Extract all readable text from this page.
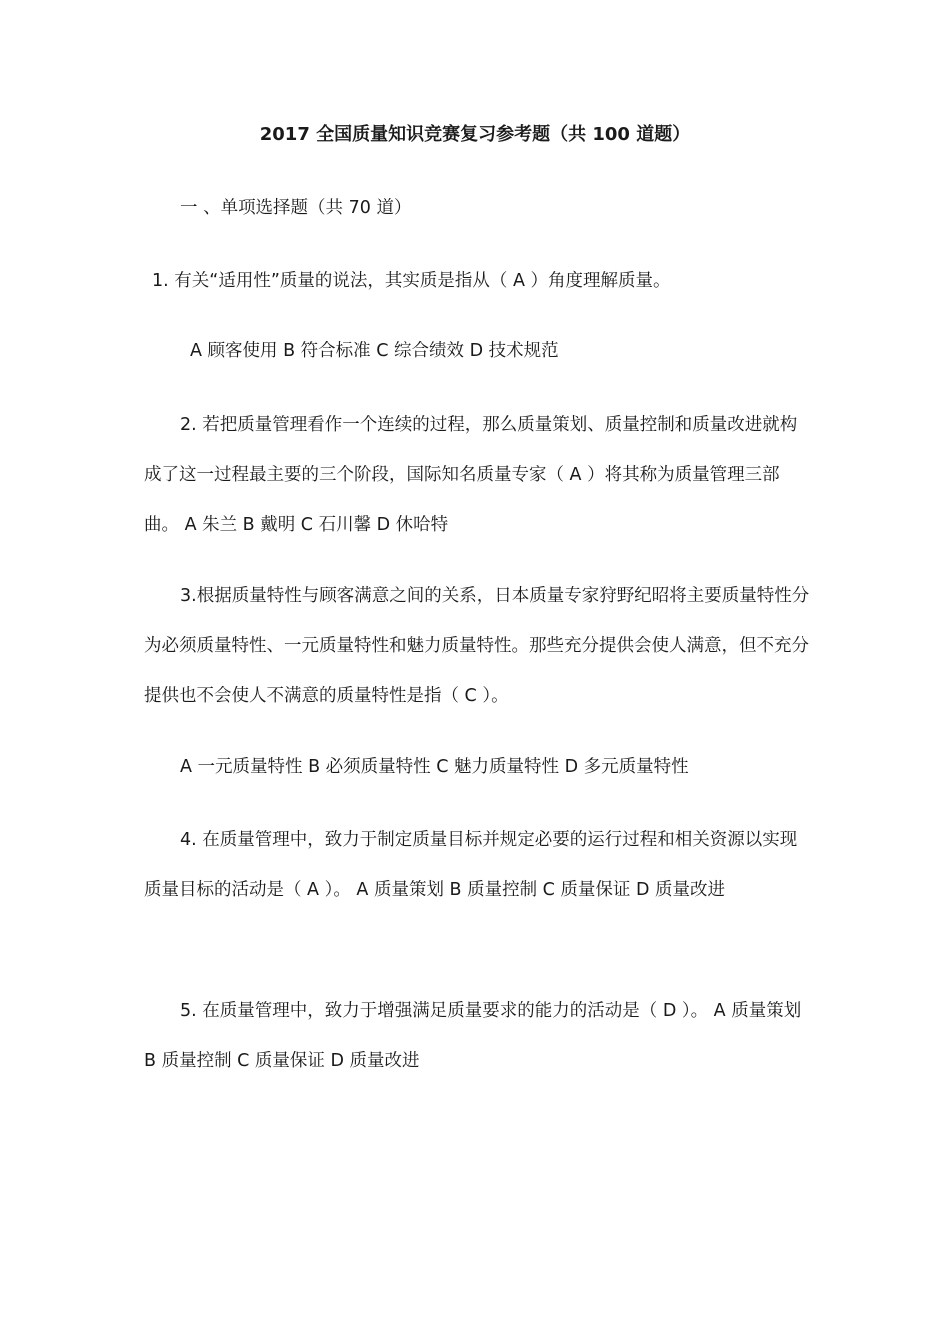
2017 全国质量知识竞赛复习参考题（共 100 道题）
一 、单项选择题（共 70 道）
1. 有关“适用性”质量的说法，其实质是指从（ A ）角度理解质量。
A 顾客使用 B 符合标准 C 综合绩效 D 技术规范

2. 若把质量管理看作一个连续的过程，那么质量策划、质量控制和质量改进就构成了这一过程最主要的三个阶段，国际知名质量专家（ A ）将其称为质量管理三部曲。 A 朱兰 B 戴明 C 石川馨 D 休哈特

3.根据质量特性与顾客满意之间的关系，日本质量专家狩野纪昭将主要质量特性分为必须质量特性、一元质量特性和魅力质量特性。那些充分提供会使人满意，但不充分提供也不会使人不满意的质量特性是指（ C ）。

A 一元质量特性 B 必须质量特性 C 魅力质量特性 D 多元质量特性

4. 在质量管理中，致力于制定质量目标并规定必要的运行过程和相关资源以实现质量目标的活动是（ A ）。 A 质量策划 B 质量控制 C 质量保证 D 质量改进

5. 在质量管理中，致力于增强满足质量要求的能力的活动是（ D ）。 A 质量策划 B 质量控制 C 质量保证 D 质量改进
